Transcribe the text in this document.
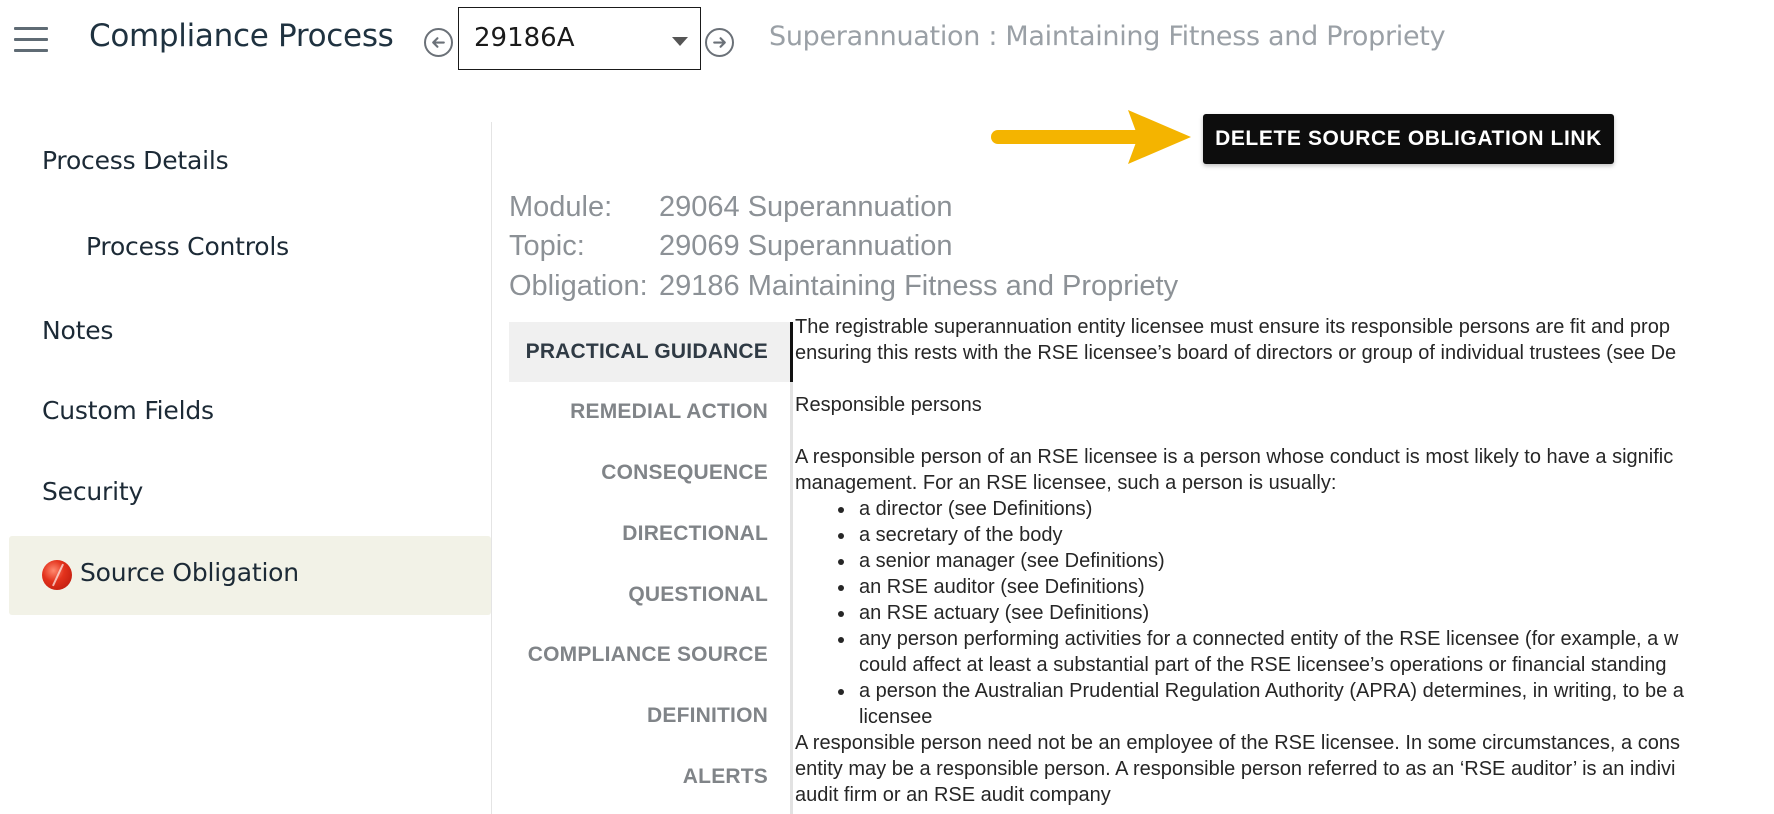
Compliance Process	29186A	Superannuation : Maintaining Fitness and Propriety
Process Details
Process Controls
Notes
Custom Fields
Security
Source Obligation
DELETE SOURCE OBLIGATION LINK
Module: 29064 Superannuation
Topic:	29069 Superannuation
Obligation: 29186 Maintaining Fitness and Propriety
PRACTICAL GUIDANCE
REMEDIAL ACTION
CONSEQUENCE
DIRECTIONAL
QUESTIONAL
COMPLIANCE SOURCE
DEFINITION
ALERTS

The registrable superannuation entity licensee must ensure its responsible persons are fit and prop

ensuring this rests with the RSE licensee’s board of directors or group of individual trustees (see De

Responsible persons

A responsible person of an RSE licensee is a person whose conduct is most likely to have a signific

management. For an RSE licensee, such a person is usually:

a director (see Definitions)
a secretary of the body
a senior manager (see Definitions)
an RSE auditor (see Definitions)
an RSE actuary (see Definitions)
any person performing activities for a connected entity of the RSE licensee (for example, a w
could affect at least a substantial part of the RSE licensee’s operations or financial standing
a person the Australian Prudential Regulation Authority (APRA) determines, in writing, to be a
licensee

A responsible person need not be an employee of the RSE licensee. In some circumstances, a cons

entity may be a responsible person. A responsible person referred to as an ‘RSE auditor’ is an indivi

audit firm or an RSE audit company
